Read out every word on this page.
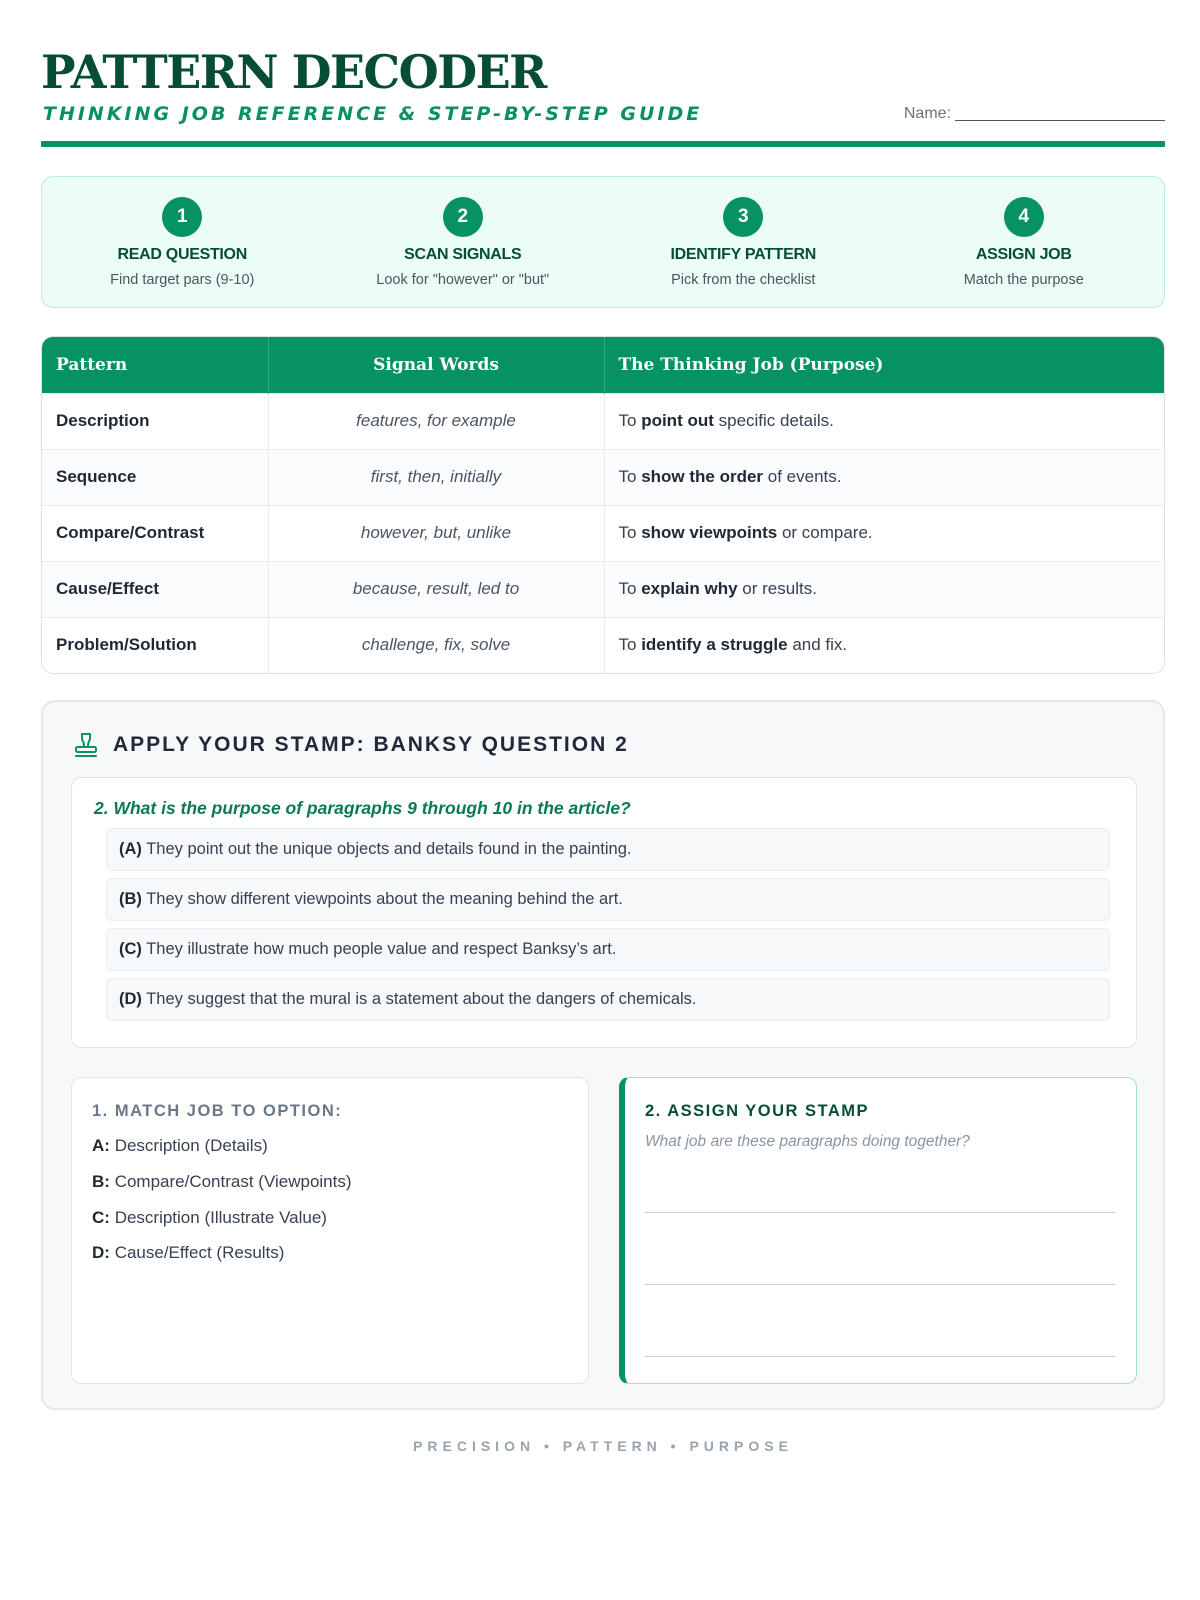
PATTERN DECODER
THINKING JOB REFERENCE & STEP-BY-STEP GUIDE	Name:
1
READ QUESTION
Find target pars (9-10)
2
SCAN SIGNALS
Look for "however" or "but"
3
IDENTIFY PATTERN
Pick from the checklist
4
ASSIGN JOB
Match the purpose
Pattern	Signal Words	The Thinking Job (Purpose)
Description	features, for example	To point out specific details.
Sequence	first, then, initially	To show the order of events.
Compare/Contrast	however, but, unlike	To show viewpoints or compare.
Cause/Effect	because, result, led to	To explain why or results.
Problem/Solution	challenge, fix, solve	To identify a struggle and fix.
APPLY YOUR STAMP: BANKSY QUESTION 2
2. What is the purpose of paragraphs 9 through 10 in the article?
(A) They point out the unique objects and details found in the painting.
(B) They show different viewpoints about the meaning behind the art.
(C) They illustrate how much people value and respect Banksy’s art.
(D) They suggest that the mural is a statement about the dangers of chemicals.
1. MATCH JOB TO OPTION:
A: Description (Details)
B: Compare/Contrast (Viewpoints)
C: Description (Illustrate Value)
D: Cause/Effect (Results)
2. ASSIGN YOUR STAMP
What job are these paragraphs doing together?
PRECISION • PATTERN • PURPOSE
